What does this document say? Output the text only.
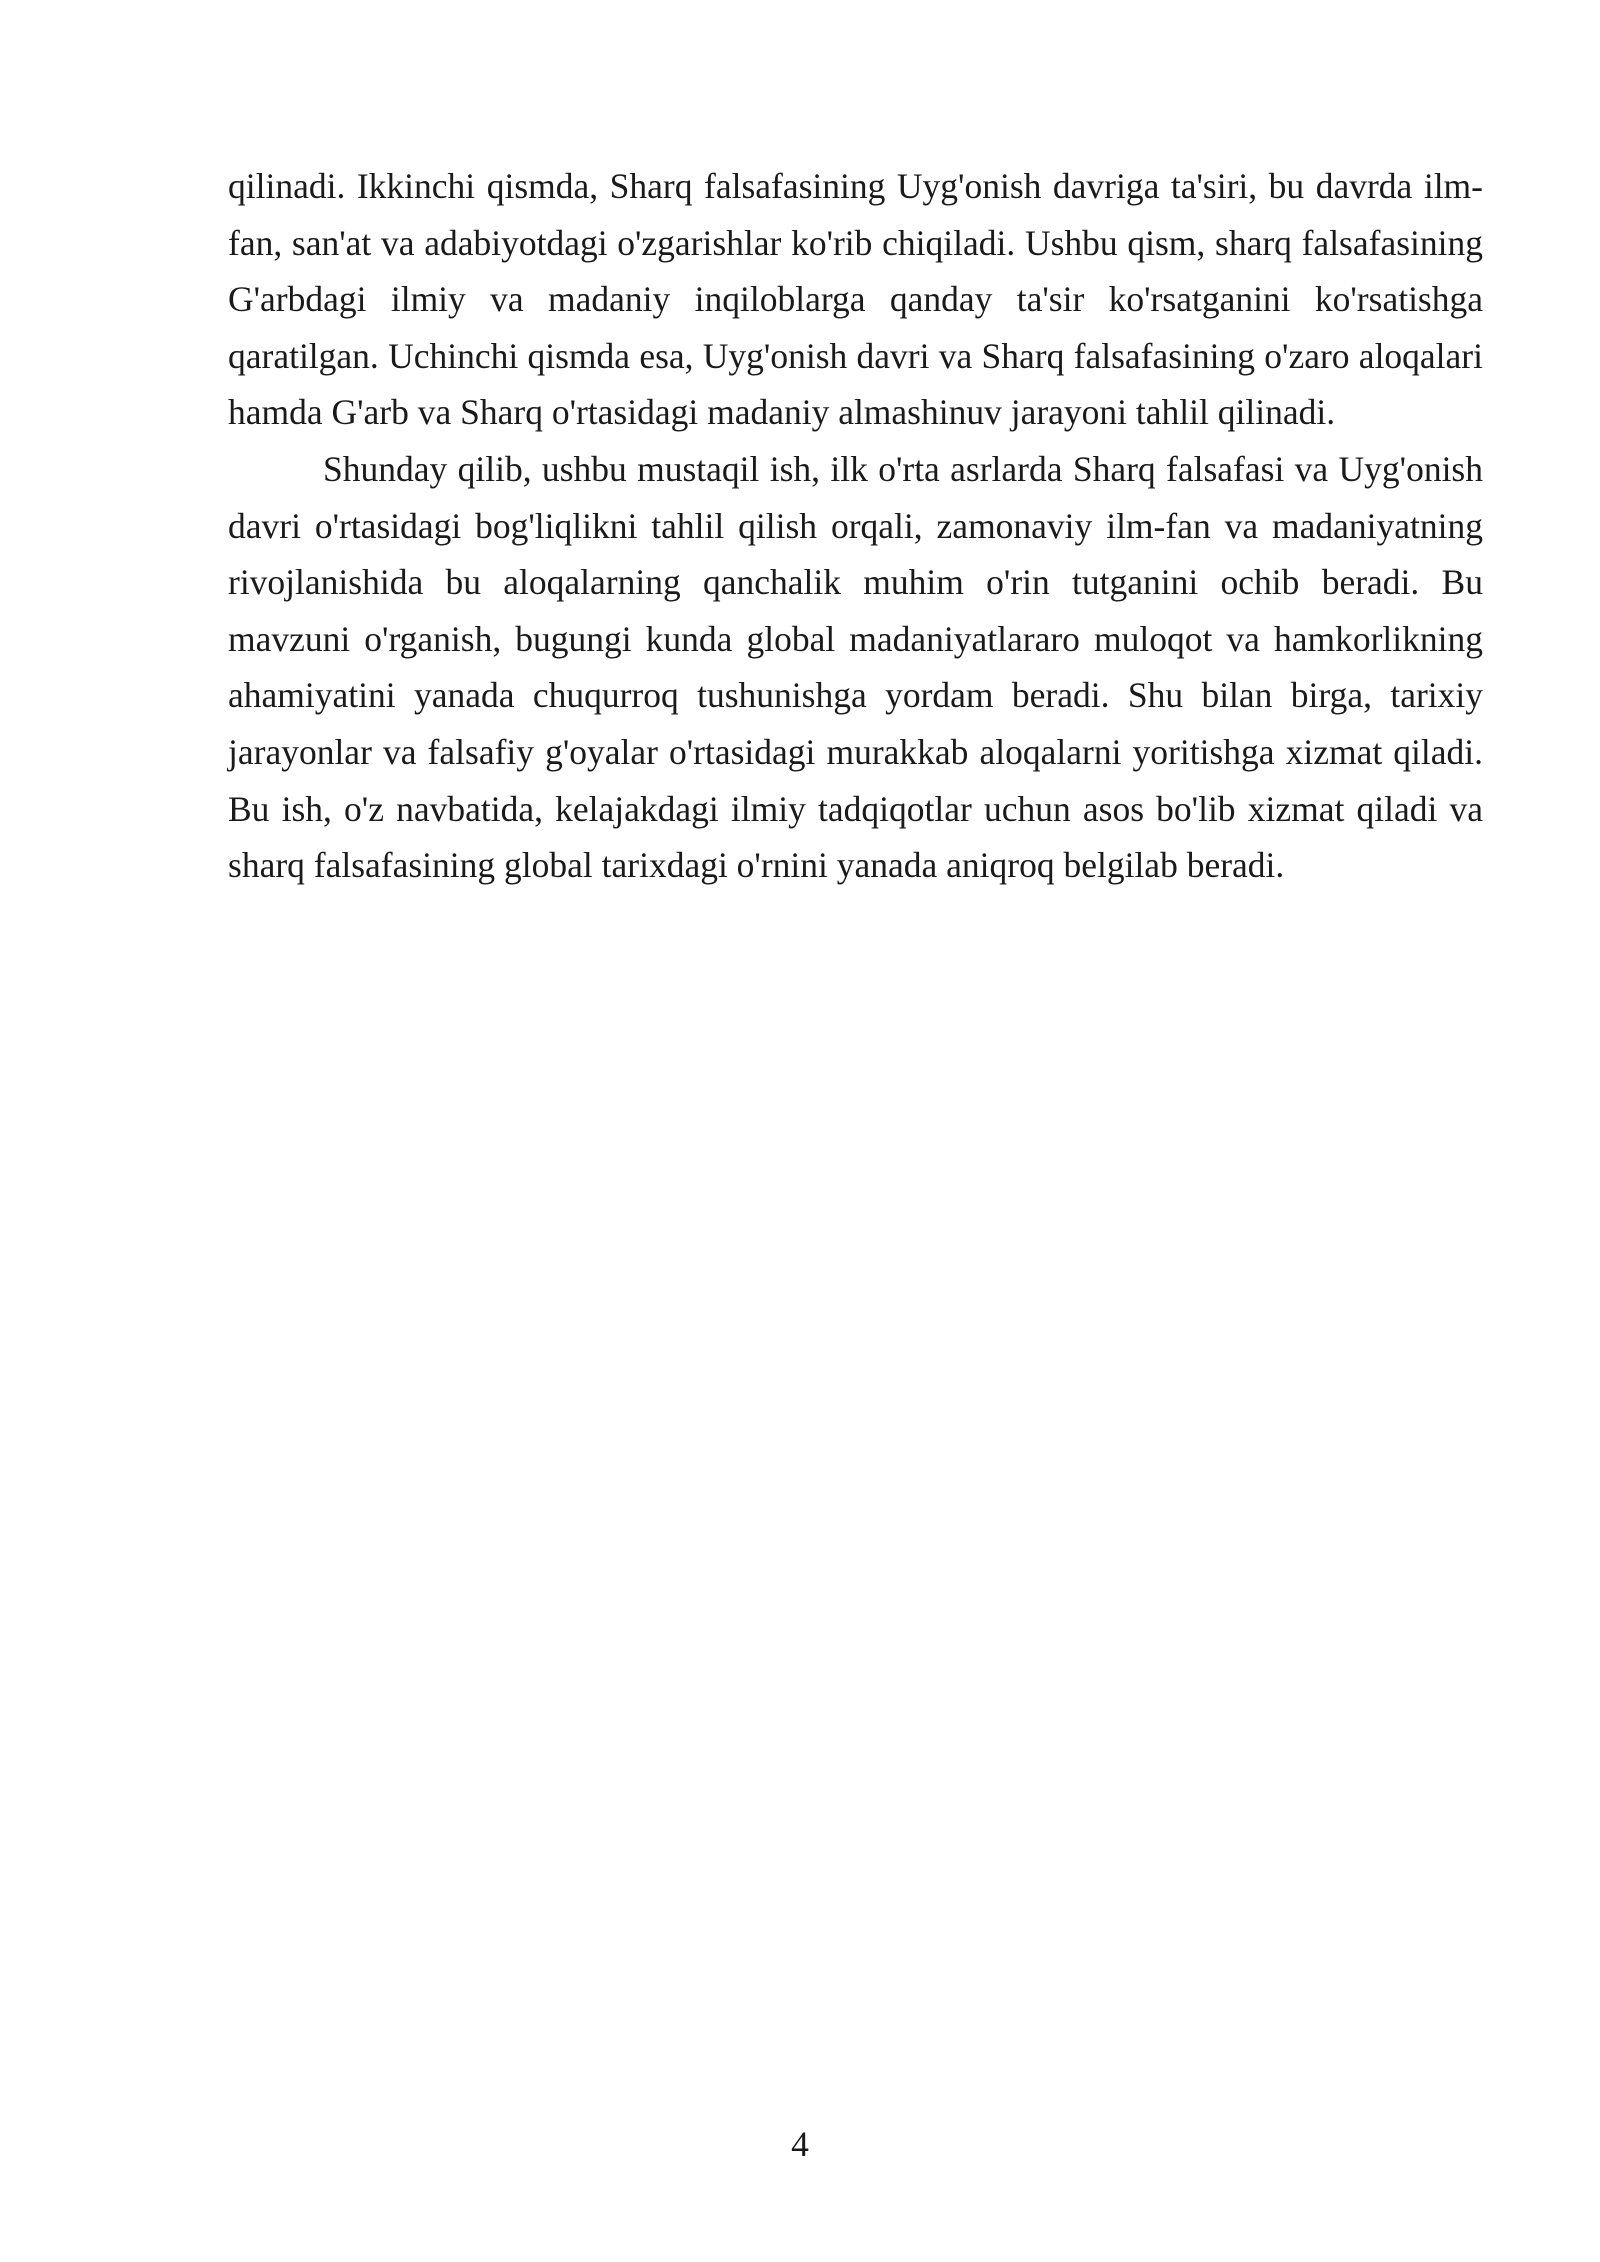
qilinadi. Ikkinchi qismda, Sharq falsafasining Uyg'onish davriga ta'siri, bu davrda ilm-fan, san'at va adabiyotdagi o'zgarishlar ko'rib chiqiladi. Ushbu qism, sharq falsafasining G'arbdagi ilmiy va madaniy inqiloblarga qanday ta'sir ko'rsatganini ko'rsatishga qaratilgan. Uchinchi qismda esa, Uyg'onish davri va Sharq falsafasining o'zaro aloqalari hamda G'arb va Sharq o'rtasidagi madaniy almashinuv jarayoni tahlil qilinadi.

Shunday qilib, ushbu mustaqil ish, ilk o'rta asrlarda Sharq falsafasi va Uyg'onish davri o'rtasidagi bog'liqlikni tahlil qilish orqali, zamonaviy ilm-fan va madaniyatning rivojlanishida bu aloqalarning qanchalik muhim o'rin tutganini ochib beradi. Bu mavzuni o'rganish, bugungi kunda global madaniyatlararo muloqot va hamkorlikning ahamiyatini yanada chuqurroq tushunishga yordam beradi. Shu bilan birga, tarixiy jarayonlar va falsafiy g'oyalar o'rtasidagi murakkab aloqalarni yoritishga xizmat qiladi. Bu ish, o'z navbatida, kelajakdagi ilmiy tadqiqotlar uchun asos bo'lib xizmat qiladi va sharq falsafasining global tarixdagi o'rnini yanada aniqroq belgilab beradi.

4
